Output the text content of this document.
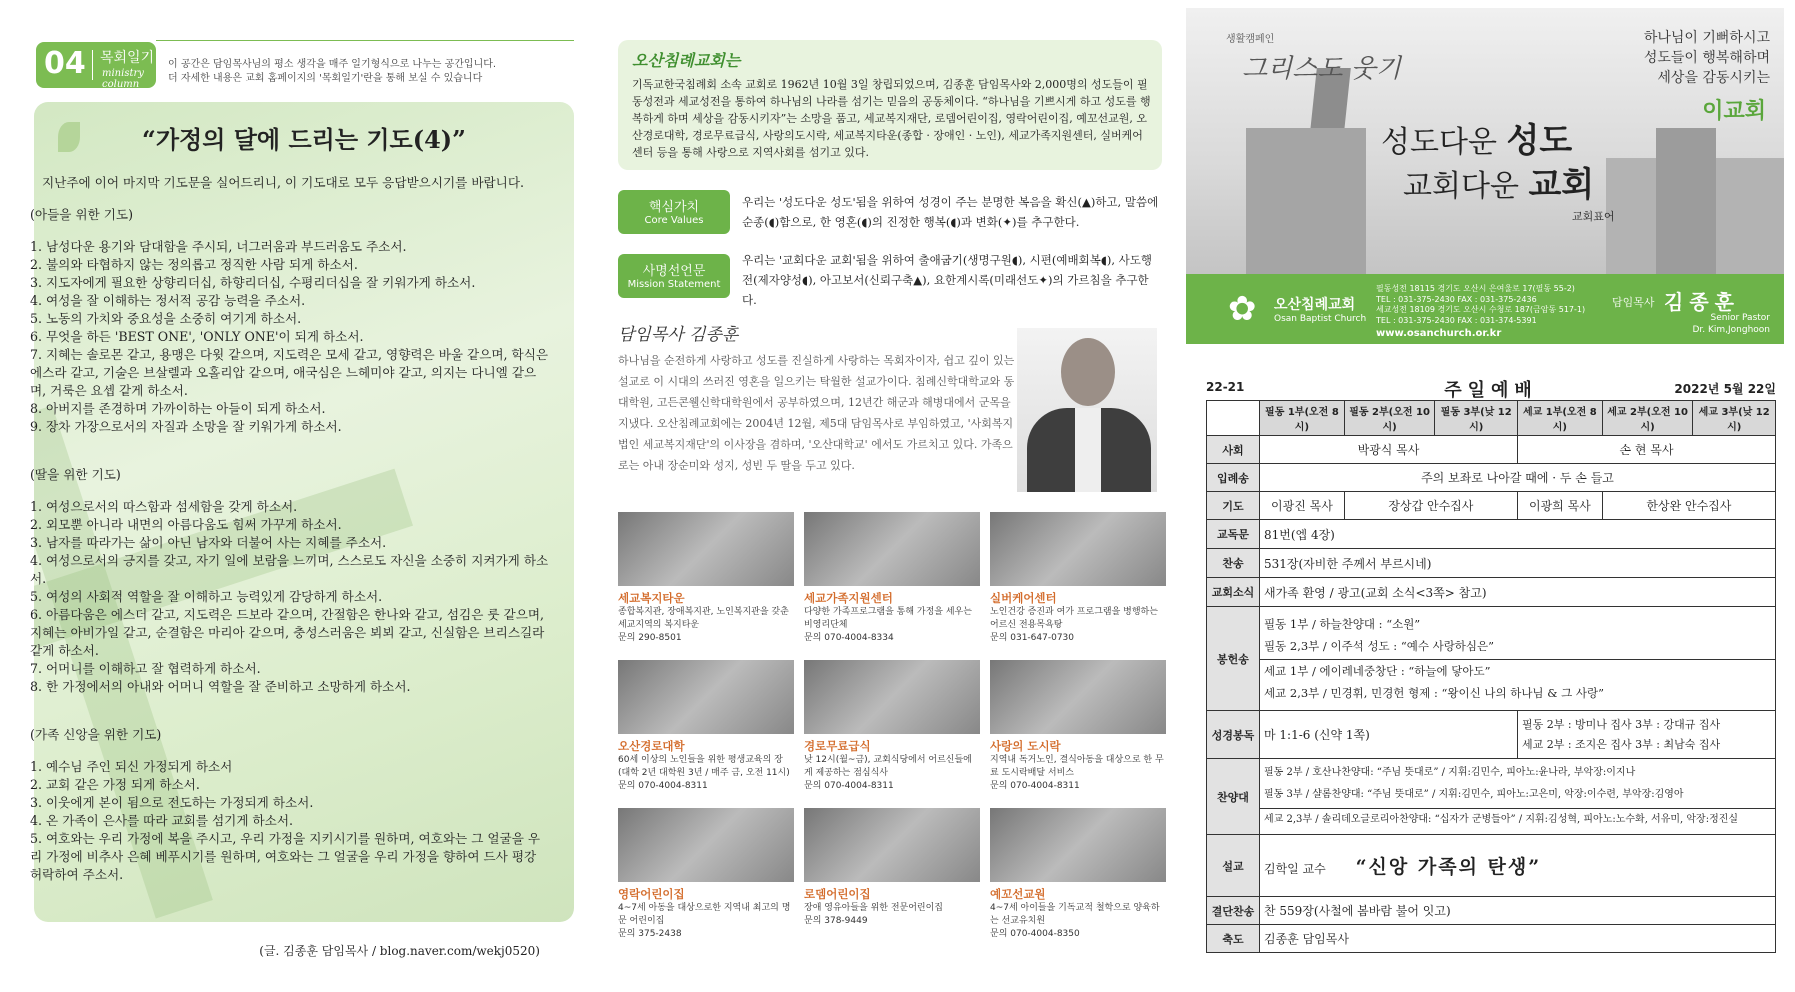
04 목회일기
ministry column
이 공간은 담임목사님의 평소 생각을 매주 일기형식으로 나누는 공간입니다.
더 자세한 내용은 교회 홈페이지의 '목회일기'란을 통해 보실 수 있습니다
“가정의 달에 드리는 기도(4)”

지난주에 이어 마지막 기도문을 실어드리니, 이 기도대로 모두 응답받으시기를 바랍니다.

(아들을 위한 기도)
1. 남성다운 용기와 담대함을 주시되, 너그러움과 부드러움도 주소서.
2. 불의와 타협하지 않는 정의롭고 정직한 사람 되게 하소서.
3. 지도자에게 필요한 상향리더십, 하향리더십, 수평리더십을 잘 키워가게 하소서.
4. 여성을 잘 이해하는 정서적 공감 능력을 주소서.
5. 노동의 가치와 중요성을 소중히 여기게 하소서.
6. 무엇을 하든 'BEST ONE', 'ONLY ONE'이 되게 하소서.
7. 지혜는 솔로몬 같고, 용맹은 다윗 같으며, 지도력은 모세 같고, 영향력은 바울 같으며, 학식은 에스라 같고, 기술은 브살렐과 오홀리압 같으며, 애국심은 느헤미야 같고, 의지는 다니엘 같으며, 거룩은 요셉 같게 하소서.
8. 아버지를 존경하며 가까이하는 아들이 되게 하소서.
9. 장차 가장으로서의 자질과 소망을 잘 키워가게 하소서.
(딸을 위한 기도)
1. 여성으로서의 따스함과 섬세함을 갖게 하소서.
2. 외모뿐 아니라 내면의 아름다움도 힘써 가꾸게 하소서.
3. 남자를 따라가는 삶이 아닌 남자와 더불어 사는 지혜를 주소서.
4. 여성으로서의 긍지를 갖고, 자기 일에 보람을 느끼며, 스스로도 자신을 소중히 지켜가게 하소서.
5. 여성의 사회적 역할을 잘 이해하고 능력있게 감당하게 하소서.
6. 아름다움은 에스더 같고, 지도력은 드보라 같으며, 간절함은 한나와 같고, 섬김은 룻 같으며, 지혜는 아비가일 같고, 순결함은 마리아 같으며, 충성스러움은 뵈뵈 같고, 신실함은 브리스길라 같게 하소서.
7. 어머니를 이해하고 잘 협력하게 하소서.
8. 한 가정에서의 아내와 어머니 역할을 잘 준비하고 소망하게 하소서.
(가족 신앙을 위한 기도)
1. 예수님 주인 되신 가정되게 하소서
2. 교회 같은 가정 되게 하소서.
3. 이웃에게 본이 됨으로 전도하는 가정되게 하소서.
4. 온 가족이 은사를 따라 교회를 섬기게 하소서.
5. 여호와는 우리 가정에 복을 주시고, 우리 가정을 지키시기를 원하며, 여호와는 그 얼굴을 우리 가정에 비추사 은혜 베푸시기를 원하며, 여호와는 그 얼굴을 우리 가정을 향하여 드사 평강 허락하여 주소서.
(글. 김종훈 담임목사 / blog.naver.com/wekj0520)
오산침례교회는
기독교한국침례회 소속 교회로 1962년 10월 3일 창립되었으며, 김종훈 담임목사와 2,000명의 성도들이 필동성전과 세교성전을 통하여 하나님의 나라를 섬기는 믿음의 공동체이다. “하나님을 기쁘시게 하고 성도를 행복하게 하며 세상을 감동시키자”는 소망을 품고, 세교복지재단, 로뎀어린이집, 영락어린이집, 예꼬선교원, 오산경로대학, 경로무료급식, 사랑의도시락, 세교복지타운(종합 · 장애인 · 노인), 세교가족지원센터, 실버케어센터 등을 통해 사랑으로 지역사회를 섬기고 있다.
핵심가치
Core Values
우리는 '성도다운 성도'됨을 위하여 성경이 주는 분명한 복음을 확신(▲)하고, 말씀에 순종(◖)함으로, 한 영혼(◖)의 진정한 행복(◖)과 변화(✦)를 추구한다.
사명선언문
Mission Statement
우리는 '교회다운 교회'됨을 위하여 출애굽기(생명구원◖), 시편(예배회복◖), 사도행전(제자양성◖), 아고보서(신뢰구축▲), 요한계시록(미래선도✦)의 가르침을 추구한다.
담임목사 김종훈
하나님을 순전하게 사랑하고 성도를 진실하게 사랑하는 목회자이자, 쉽고 깊이 있는 설교로 이 시대의 쓰러진 영혼을 일으키는 탁월한 설교가이다. 침례신학대학교와 동대학원, 고든콘웰신학대학원에서 공부하였으며, 12년간 해군과 해병대에서 군목을 지냈다. 오산침례교회에는 2004년 12월, 제5대 담임목사로 부임하였고, '사회복지법인 세교복지재단'의 이사장을 겸하며, '오산대학교' 에서도 가르치고 있다. 가족으로는 아내 장순미와 성지, 성빈 두 딸을 두고 있다.
세교복지타운
종합복지관, 장애복지관, 노인복지관을 갖춘 세교지역의 복지타운
문의 290-8501
세교가족지원센터
다양한 가족프로그램을 통해 가정을 세우는 비영리단체
문의 070-4004-8334
실버케어센터
노인건강 증진과 여가 프로그램을 병행하는 어르신 전용목욕탕
문의 031-647-0730
오산경로대학
60세 이상의 노인들을 위한 평생교육의 장 (대학 2년 대학원 3년 / 매주 금, 오전 11시)
문의 070-4004-8311
경로무료급식
낮 12시(월~금), 교회식당에서 어르신들에게 제공하는 점심식사
문의 070-4004-8311
사랑의 도시락
지역내 독거노인, 결식아동을 대상으로 한 무료 도시락배달 서비스
문의 070-4004-8311
영락어린이집
4~7세 아동을 대상으로한 지역내 최고의 명문 어린이집
문의 375-2438
로뎀어린이집
장애 영유아들을 위한 전문어린이집
문의 378-9449
예꼬선교원
4~7세 아이들을 기독교적 철학으로 양육하는 선교유치원
문의 070-4004-8350
생활캠페인
그리스도 웃기
하나님이 기뻐하시고
성도들이 행복해하며
세상을 감동시키는
이교회
성도다운 성도
교회다운 교회
교회표어
✿ 오산침례교회
Osan Baptist Church
필동성전 18115 경기도 오산시 은여울로 17(필동 55-2)
TEL : 031-375-2430 FAX : 031-375-2436
세교성전 18109 경기도 오산시 수청로 187(금암동 517-1)
TEL : 031-375-2430 FAX : 031-374-5391
www.osanchurch.or.kr
담임목사 김종훈
Senior Pastor
Dr. Kim,Jonghoon
22-21	주일예배	2022년 5월 22일
	필동 1부(오전 8시)	필동 2부(오전 10시)	필동 3부(낮 12시)	세교 1부(오전 8시)	세교 2부(오전 10시)	세교 3부(낮 12시)
사회	박광식 목사			손 현 목사		
입례송	주의 보좌로 나아갈 때에 · 두 손 들고					
기도	이광진 목사	장상갑 안수집사		이광희 목사	한상완 안수집사	
교독문	81번(엡 4장)					
찬송	531장(자비한 주께서 부르시네)					
교회소식	새가족 환영 / 광고(교회 소식<3쪽> 참고)					
봉헌송	필동 1부 / 하늘찬양대 : “소원”
필동 2,3부 / 이주석 성도 : “예수 사랑하심은”
세교 1부 / 에이레네중창단 : “하늘에 닿아도”
세교 2,3부 / 민경휘, 민경헌 형제 : “왕이신 나의 하나님 & 그 사랑”					

성경봉독	마 1:1-6 (신약 1쪽)			필동 2부 : 방미나 집사 3부 : 강대규 집사
세교 2부 : 조지은 집사 3부 : 최남숙 집사		

찬양대	필동 2부 / 호산나찬양대: “주님 뜻대로” / 지휘:김민수, 피아노:윤나라, 부악장:이지나
필동 3부 / 샬롬찬양대: “주님 뜻대로” / 지휘:김민수, 피아노:고은미, 악장:이수련, 부악장:김영아
세교 2,3부 / 솔리데오글로리아찬양대: “십자가 군병들아” / 지휘:김성혁, 피아노:노수화, 서유미, 악장:정진실					

설교	김학일 교수 “신앙 가족의 탄생”					
결단찬송	찬 559장(사철에 봄바람 불어 잇고)					
축도	김종훈 담임목사					
